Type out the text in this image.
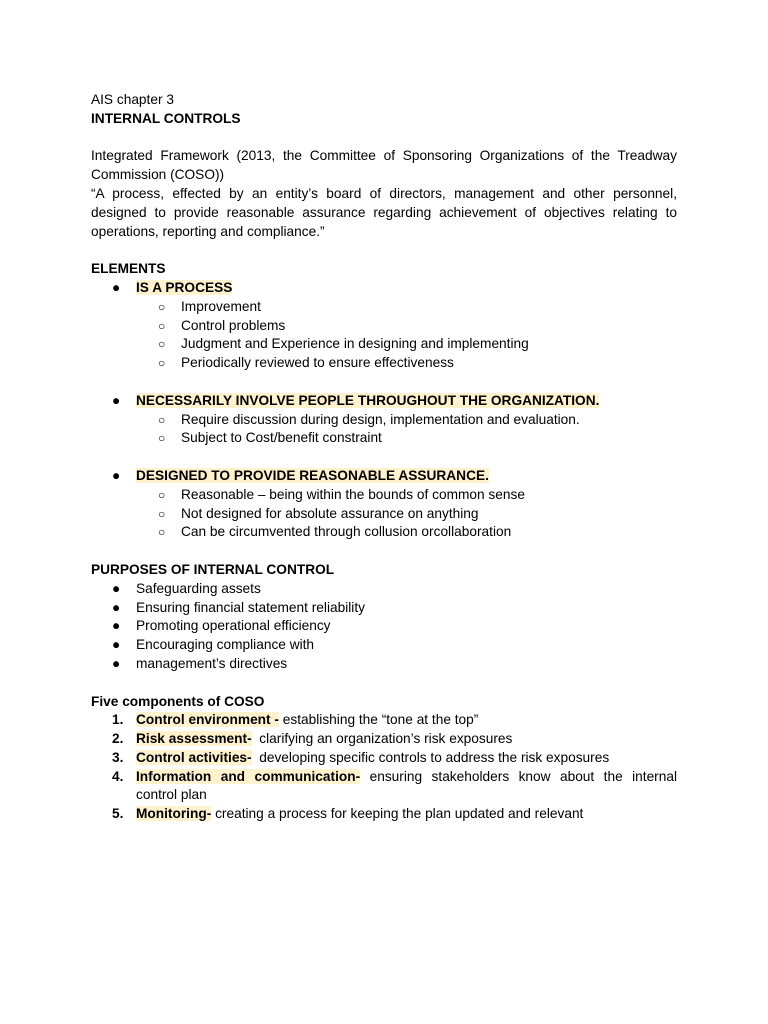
AIS chapter 3

INTERNAL CONTROLS

Integrated Framework (2013, the Committee of Sponsoring Organizations of the Treadway

Commission (COSO))

“A process, effected by an entity’s board of directors, management and other personnel, designed to provide reasonable assurance regarding achievement of objectives relating to operations, reporting and compliance.”

ELEMENTS

● IS A PROCESS
○ Improvement
○ Control problems
○ Judgment and Experience in designing and implementing
○ Periodically reviewed to ensure effectiveness
● NECESSARILY INVOLVE PEOPLE THROUGHOUT THE ORGANIZATION.
○ Require discussion during design, implementation and evaluation.
○ Subject to Cost/benefit constraint
● DESIGNED TO PROVIDE REASONABLE ASSURANCE.
○ Reasonable – being within the bounds of common sense
○ Not designed for absolute assurance on anything
○ Can be circumvented through collusion orcollaboration

PURPOSES OF INTERNAL CONTROL

● Safeguarding assets
● Ensuring financial statement reliability
● Promoting operational efficiency
● Encouraging compliance with
● management’s directives

Five components of COSO

1. Control environment - establishing the “tone at the top”
2. Risk assessment-  clarifying an organization’s risk exposures
3. Control activities-  developing specific controls to address the risk exposures
4. Information and communication- ensuring stakeholders know about the internal
control plan
5. Monitoring- creating a process for keeping the plan updated and relevant
